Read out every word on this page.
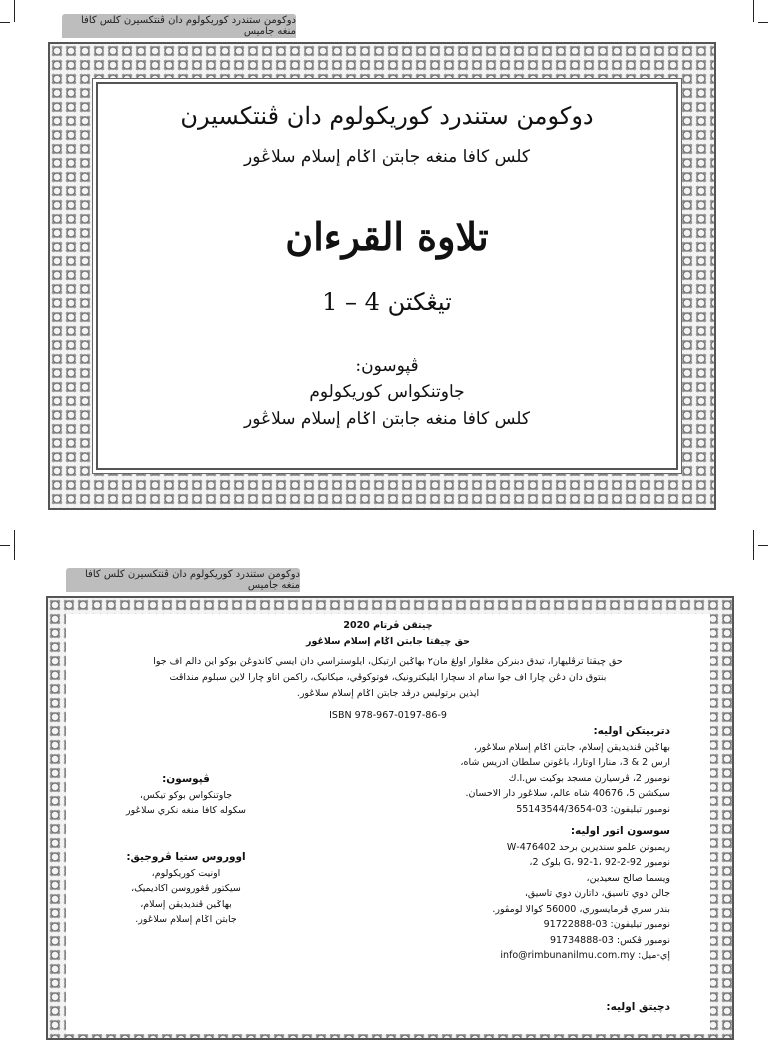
دوكومن ستندرد كوريكولوم دان ڤنتكسيرن كلس كافا منغه جاميس
دوكومن ستندرد كوريكولوم دان ڤنتكسيرن
كلس كافا منغه جابتن اݢام إسلام سلاڠور
تلاوة القرءان
تيڠكتن 4 – 1
ڤپوسون:
جاوتنكواس كوريكولوم
كلس كافا منغه جابتن اݢام إسلام سلاڠور
دوكومن ستندرد كوريكولوم دان ڤنتكسيرن كلس كافا منغه جاميس
چيتقن ڤرتام 2020
حق چيقتا جابتن اݢام إسلام سلاڠور
حق چيقتا ترڤليهارا، تيدق دبنركن مڠلوار اولڠ مان٢ بهاݢين ارتيكل، ايلوستراسي دان ايسي كاندوڠن بوكو اين دالم اف جوا
بنتوق دان دڠن چارا اف جوا سام اد سچارا ايليکترونيک، فوتوکوڤي، ميکانيک، راکمن اتاو چارا لاين سبلوم منداڤت
ايذين برتوليس درڤد جابتن اݢام إسلام سلاڠور.
ISBN 978-967-0197-86-9
ڤپوسون:
جاوتنكواس بوكو تيكس،
سکوله کافا منغه نکري سلاڠور
اووروس ستيا ڤروجيق:
اونيت كوريكولوم،
سيکتور ڤڠوروسن اكاديميک،
بهاݢين ڤنديديقن إسلام،
جابتن اݢام إسلام سلاڠور.
دتربيتكن اوليه:
بهاݢين ڤنديديقن إسلام، جابتن اݢام إسلام سلاڠور،
ارس 2 & 3، منارا اوتارا، باڠونن سلطان ادريس شاه،
نومبور 2، ڤرسيارن مسجد بوكيت س.ا.ك
سيكشن 5، 40676 شاه عالم، سلاڠور دار الاحسان.
نومبور تيليفون: 03-55143544/3654
سوسون اتور اوليه:
ريمبونن علمو سنديرين برحد 476402-W
نومبور 92-G، 92-1، 92-2 بلوک 2،
ويسما صالح سعيدين،
جالن دوي تاسيق، داتارن دوي تاسيق،
بندر سري ڤرمايسوري، 56000 كوالا لومڤور.
نومبور تيليفون: 03-91722888
نومبور ڤكس: 03-91734888
إي-ميل: info@rimbunanilmu.com.my
دچيتق اوليه:
